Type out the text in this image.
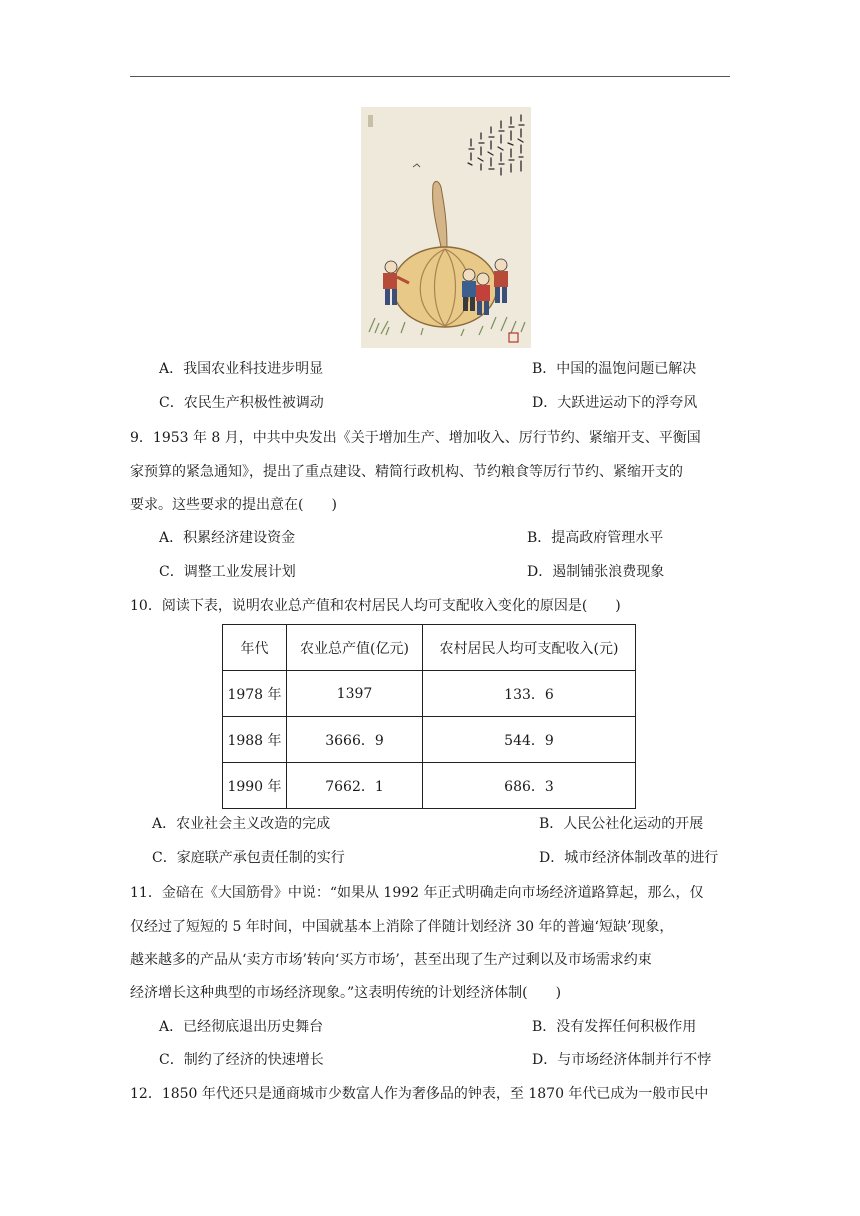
A．我国农业科技进步明显	B．中国的温饱问题已解决
C．农民生产积极性被调动	D．大跃进运动下的浮夸风
9．1953 年 8 月，中共中央发出《关于增加生产、增加收入、厉行节约、紧缩开支、平衡国
家预算的紧急通知》，提出了重点建设、精简行政机构、节约粮食等厉行节约、紧缩开支的
要求。这些要求的提出意在(　　)
A．积累经济建设资金	B．提高政府管理水平
C．调整工业发展计划	D．遏制铺张浪费现象
10．阅读下表，说明农业总产值和农村居民人均可支配收入变化的原因是(　　)
年代	农业总产值(亿元)	农村居民人均可支配收入(元)
1978 年	1397	133．6
1988 年	3666．9	544．9
1990 年	7662．1	686．3
A．农业社会主义改造的完成	B．人民公社化运动的开展
C．家庭联产承包责任制的实行	D．城市经济体制改革的进行
11．金碚在《大国筋骨》中说：“如果从 1992 年正式明确走向市场经济道路算起，那么，仅
仅经过了短短的 5 年时间，中国就基本上消除了伴随计划经济 30 年的普遍‘短缺’现象，
越来越多的产品从‘卖方市场’转向‘买方市场’，甚至出现了生产过剩以及市场需求约束
经济增长这种典型的市场经济现象。”这表明传统的计划经济体制(　　)
A．已经彻底退出历史舞台	B．没有发挥任何积极作用
C．制约了经济的快速增长	D．与市场经济体制并行不悖
12．1850 年代还只是通商城市少数富人作为奢侈品的钟表，至 1870 年代已成为一般市民中
